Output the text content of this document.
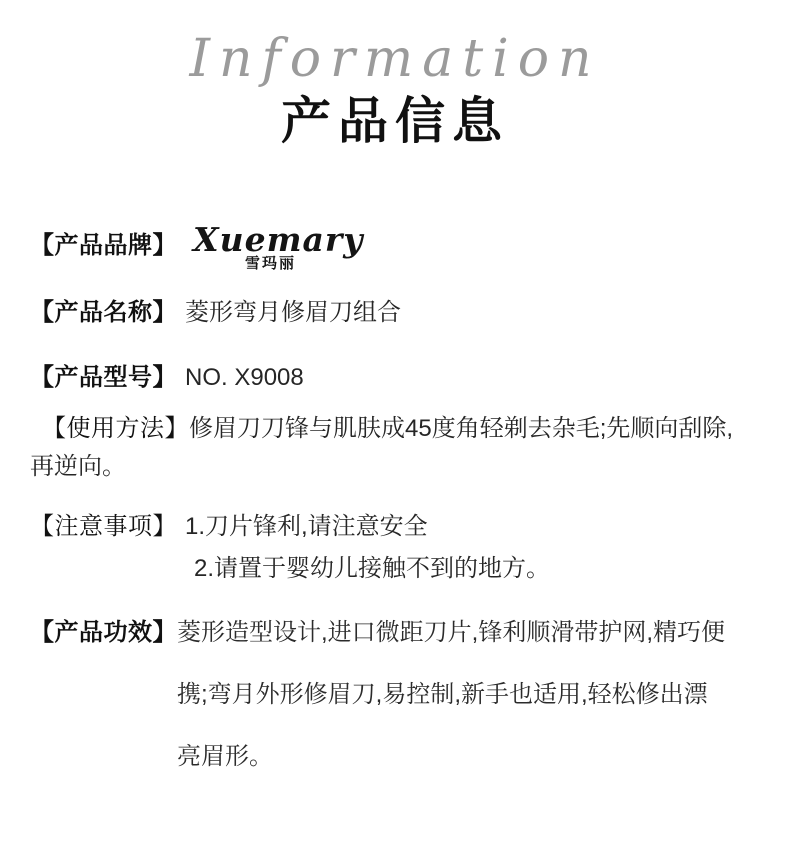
Information
产品信息
【产品品牌】 Xuemary
雪玛丽
【产品名称】 菱形弯月修眉刀组合
【产品型号】 NO. X9008

【使用方法】修眉刀刀锋与肌肤成45度角轻剃去杂毛;先顺向刮除,再逆向。

【注意事项】 1.刀片锋利,请注意安全
2.请置于婴幼儿接触不到的地方。
【产品功效】 菱形造型设计,进口微距刀片,锋利顺滑带护网,精巧便携;弯月外形修眉刀,易控制,新手也适用,轻松修出漂亮眉形。
